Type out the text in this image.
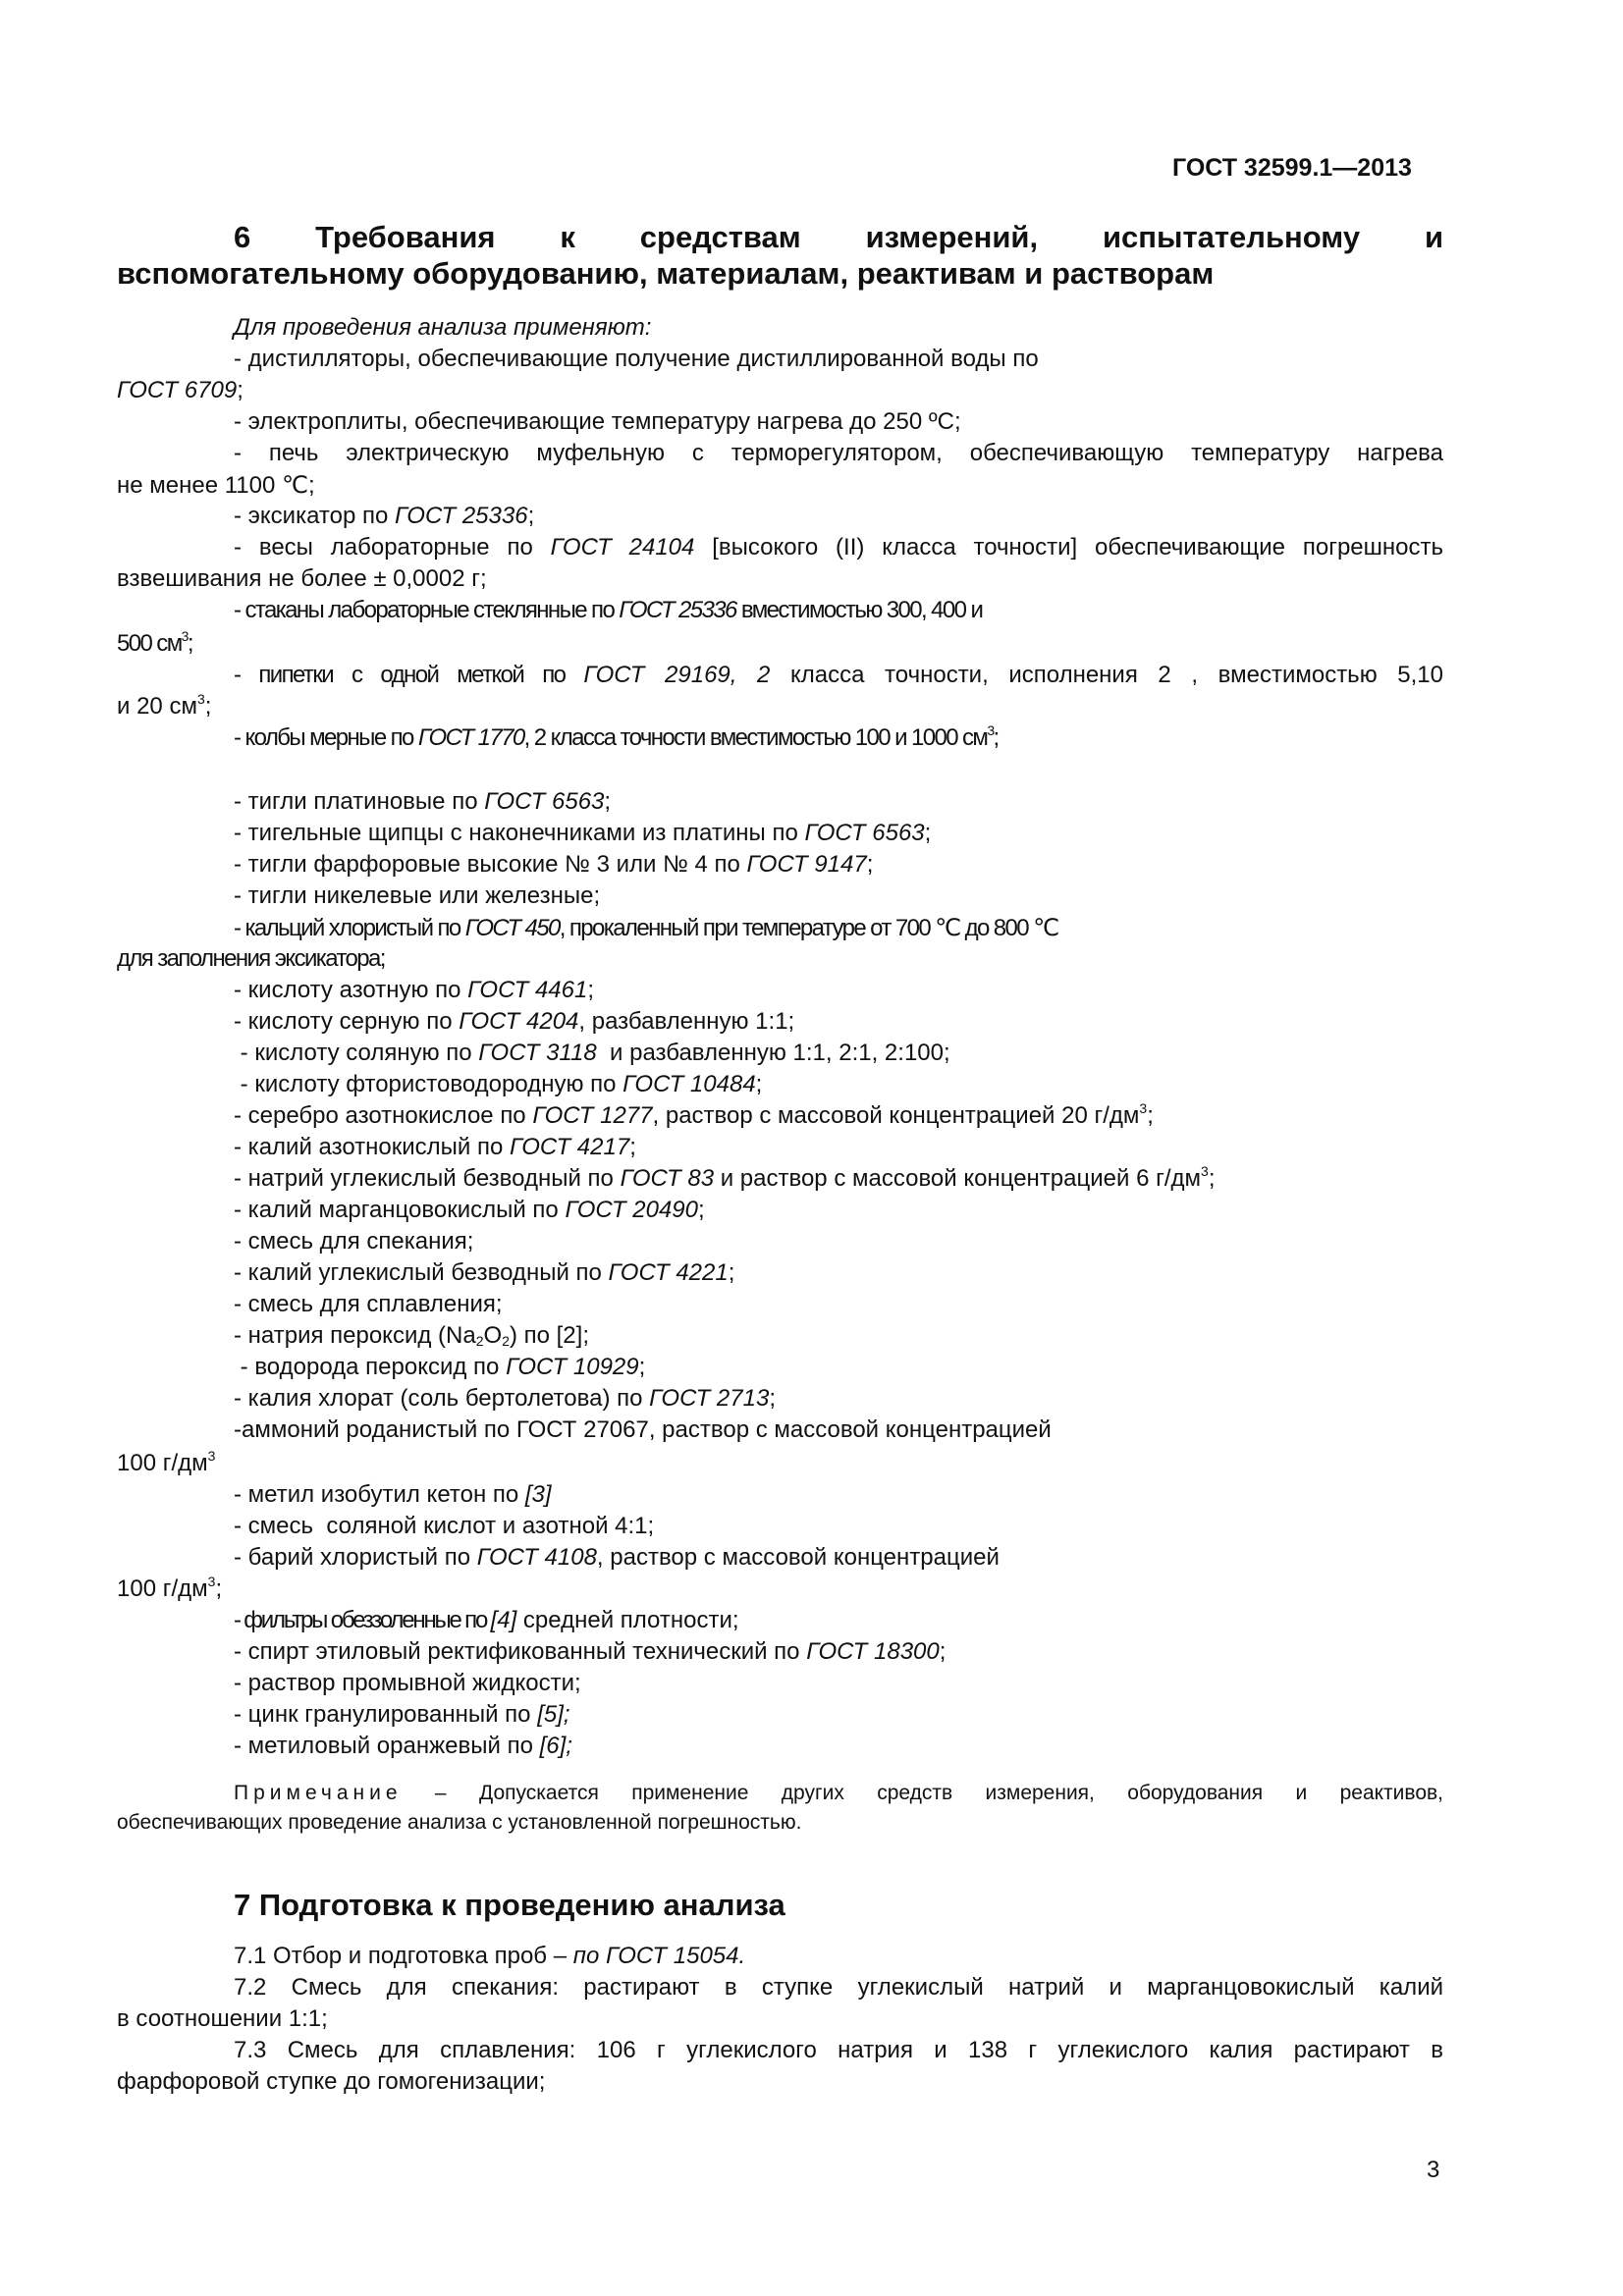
ГОСТ 32599.1—2013
6 Требования к средствам измерений, испытательному и
вспомогательному оборудованию, материалам, реактивам и растворам
Для проведения анализа применяют:
- дистилляторы, обеспечивающие получение дистиллированной воды по
ГОСТ 6709;
- электроплиты, обеспечивающие температуру нагрева до 250 ºC;
- печь электрическую муфельную с терморегулятором, обеспечивающую температуру нагрева
не менее 1100 ℃;
- эксикатор по ГОСТ 25336;
- весы лабораторные по ГОСТ 24104 [высокого (II) класса точности] обеспечивающие погрешность
взвешивания не более ± 0,0002 г;
- стаканы лабораторные стеклянные по ГОСТ 25336 вместимостью 300, 400 и
500 $см^3$;
- пипетки с одной меткой по ГОСТ 29169, 2 класса точности, исполнения 2 , вместимостью 5,10
и 20 $см^3$;
- колбы мерные по ГОСТ 1770, 2 класса точности вместимостью 100 и 1000 $см^3$;
- тигли платиновые по ГОСТ 6563;
- тигельные щипцы с наконечниками из платины по ГОСТ 6563;
- тигли фарфоровые высокие № 3 или № 4 по ГОСТ 9147;
- тигли никелевые или железные;
- кальций хлористый по ГОСТ 450, прокаленный при температуре от 700 ℃ до 800 ℃
для заполнения эксикатора;
- кислоту азотную по ГОСТ 4461;
- кислоту серную по ГОСТ 4204, разбавленную 1:1;
- кислоту соляную по ГОСТ 3118  и разбавленную 1:1, 2:1, 2:100;
- кислоту фтористоводородную по ГОСТ 10484;
- серебро азотнокислое по ГОСТ 1277, раствор с массовой концентрацией 20 $г/дм^3$;
- калий азотнокислый по ГОСТ 4217;
- натрий углекислый безводный по ГОСТ 83 и раствор с массовой концентрацией 6 $г/дм^3$;
- калий марганцовокислый по ГОСТ 20490;
- смесь для спекания;
- калий углекислый безводный по ГОСТ 4221;
- смесь для сплавления;
- натрия пероксид $(Na_2O_2)$ по [2];
- водорода пероксид по ГОСТ 10929;
- калия хлорат (соль бертолетова) по ГОСТ 2713;
-аммоний роданистый по ГОСТ 27067, раствор с массовой концентрацией
100 $г/дм^3$
- метил изобутил кетон по [3]
- смесь  соляной кислот и азотной 4:1;
- барий хлористый по ГОСТ 4108, раствор с массовой концентрацией
100 $г/дм^3$;
- фильтры обеззоленные по [4] средней плотности;
- спирт этиловый ректификованный технический по ГОСТ 18300;
- раствор промывной жидкости;
- цинк гранулированный по [5];
- метиловый оранжевый по [6];
Примечание – Допускается применение других средств измерения, оборудования и реактивов,
обеспечивающих проведение анализа с установленной погрешностью.
7 Подготовка к проведению анализа
7.1 Отбор и подготовка проб – по ГОСТ 15054.
7.2 Смесь для спекания: растирают в ступке углекислый натрий и марганцовокислый калий
в соотношении 1:1;
7.3 Смесь для сплавления: 106 г углекислого натрия и 138 г углекислого калия растирают в
фарфоровой ступке до гомогенизации;
3
